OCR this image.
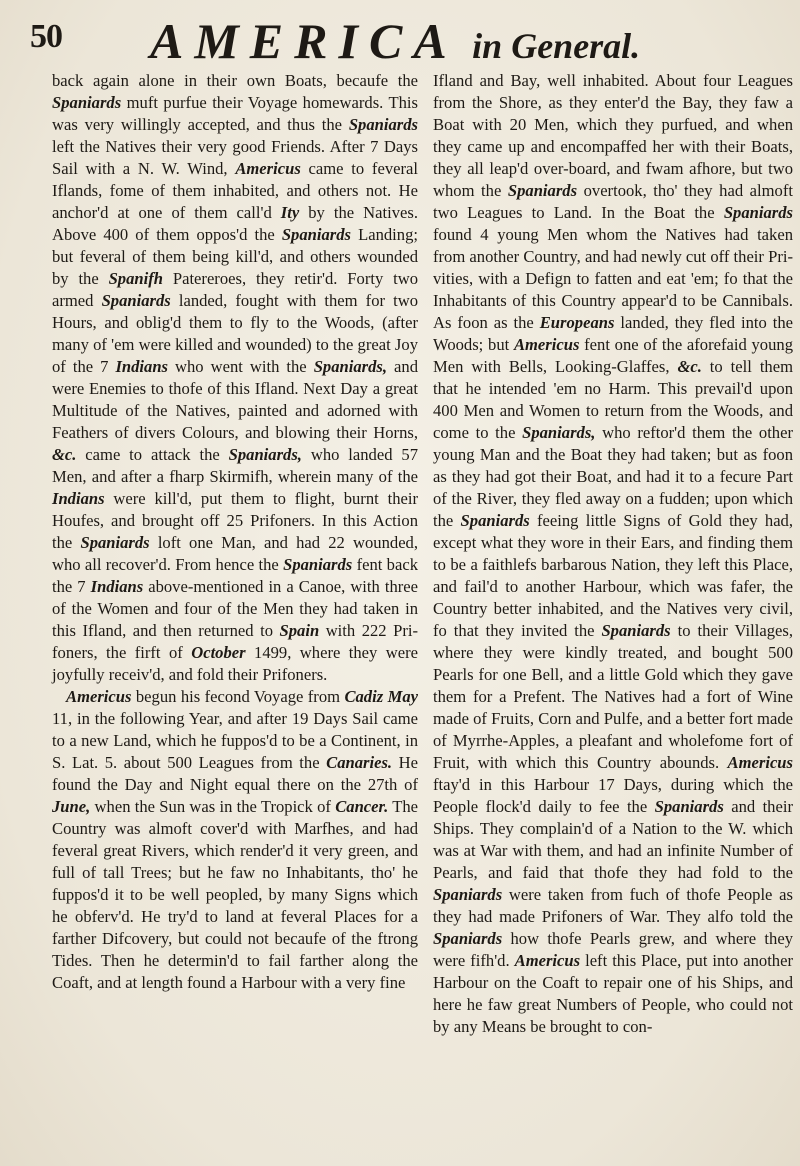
50 AMERICA in General.

back again alone in their own Boats, becaufe the Spaniards muft purfue their Voyage homewards. This was very willingly accepted, and thus the Spaniards left the Natives their very good Friends. After 7 Days Sail with a N. W. Wind, Americus came to feveral Iflands, fome of them inhabited, and others not. He anchor'd at one of them call'd Ity by the Natives. Above 400 of them oppos'd the Spaniards Landing; but feveral of them being kill'd, and others wounded by the Spanifh Patereroes, they retir'd. Forty two armed Spaniards landed, fought with them for two Hours, and oblig'd them to fly to the Woods, (after many of 'em were killed and wounded) to the great Joy of the 7 Indians who went with the Spaniards, and were Enemies to thofe of this Ifland. Next Day a great Multitude of the Natives, painted and adorned with Feathers of divers Colours, and blowing their Horns, &c. came to attack the Spaniards, who landed 57 Men, and after a fharp Skirmifh, wherein many of the Indians were kill'd, put them to flight, burnt their Houfes, and brought off 25 Prifoners. In this Action the Spaniards loft one Man, and had 22 wounded, who all recover'd. From hence the Spaniards fent back the 7 Indians above-mentioned in a Canoe, with three of the Women and four of the Men they had taken in this Ifland, and then returned to Spain with 222 Prifoners, the firft of October 1499, where they were joyfully receiv'd, and fold their Prifoners.

Americus begun his fecond Voyage from Cadiz May 11, in the following Year, and after 19 Days Sail came to a new Land, which he fuppos'd to be a Continent, in S. Lat. 5. about 500 Leagues from the Canaries. He found the Day and Night equal there on the 27th of June, when the Sun was in the Tropick of Cancer. The Country was almoft cover'd with Marfhes, and had feveral great Rivers, which render'd it very green, and full of tall Trees; but he faw no Inhabitants, tho' he fuppos'd it to be well peopled, by many Signs which he obferv'd. He try'd to land at feveral Places for a farther Difcovery, but could not becaufe of the ftrong Tides. Then he determin'd to fail farther along the Coaft, and at length found a Harbour with a very fine

Ifland and Bay, well inhabited. About four Leagues from the Shore, as they enter'd the Bay, they faw a Boat with 20 Men, which they purfued, and when they came up and encompaffed her with their Boats, they all leap'd over-board, and fwam afhore, but two whom the Spaniards overtook, tho' they had almoft two Leagues to Land. In the Boat the Spaniards found 4 young Men whom the Natives had taken from another Country, and had newly cut off their Privities, with a Defign to fatten and eat 'em; fo that the Inhabitants of this Country appear'd to be Cannibals. As foon as the Europeans landed, they fled into the Woods; but Americus fent one of the aforefaid young Men with Bells, Looking-Glaffes, &c. to tell them that he intended 'em no Harm. This prevail'd upon 400 Men and Women to return from the Woods, and come to the Spaniards, who reftor'd them the other young Man and the Boat they had taken; but as foon as they had got their Boat, and had it to a fecure Part of the River, they fled away on a fudden; upon which the Spaniards feeing little Signs of Gold they had, except what they wore in their Ears, and finding them to be a faithlefs barbarous Nation, they left this Place, and fail'd to another Harbour, which was fafer, the Country better inhabited, and the Natives very civil, fo that they invited the Spaniards to their Villages, where they were kindly treated, and bought 500 Pearls for one Bell, and a little Gold which they gave them for a Prefent. The Natives had a fort of Wine made of Fruits, Corn and Pulfe, and a better fort made of Myrrhe-Apples, a pleafant and wholefome fort of Fruit, with which this Country abounds. Americus ftay'd in this Harbour 17 Days, during which the People flock'd daily to fee the Spaniards and their Ships. They complain'd of a Nation to the W. which was at War with them, and had an infinite Number of Pearls, and faid that thofe they had fold to the Spaniards were taken from fuch of thofe People as they had made Prifoners of War. They alfo told the Spaniards how thofe Pearls grew, and where they were fifh'd. Americus left this Place, put into another Harbour on the Coaft to repair one of his Ships, and here he faw great Numbers of People, who could not by any Means be brought to con-
